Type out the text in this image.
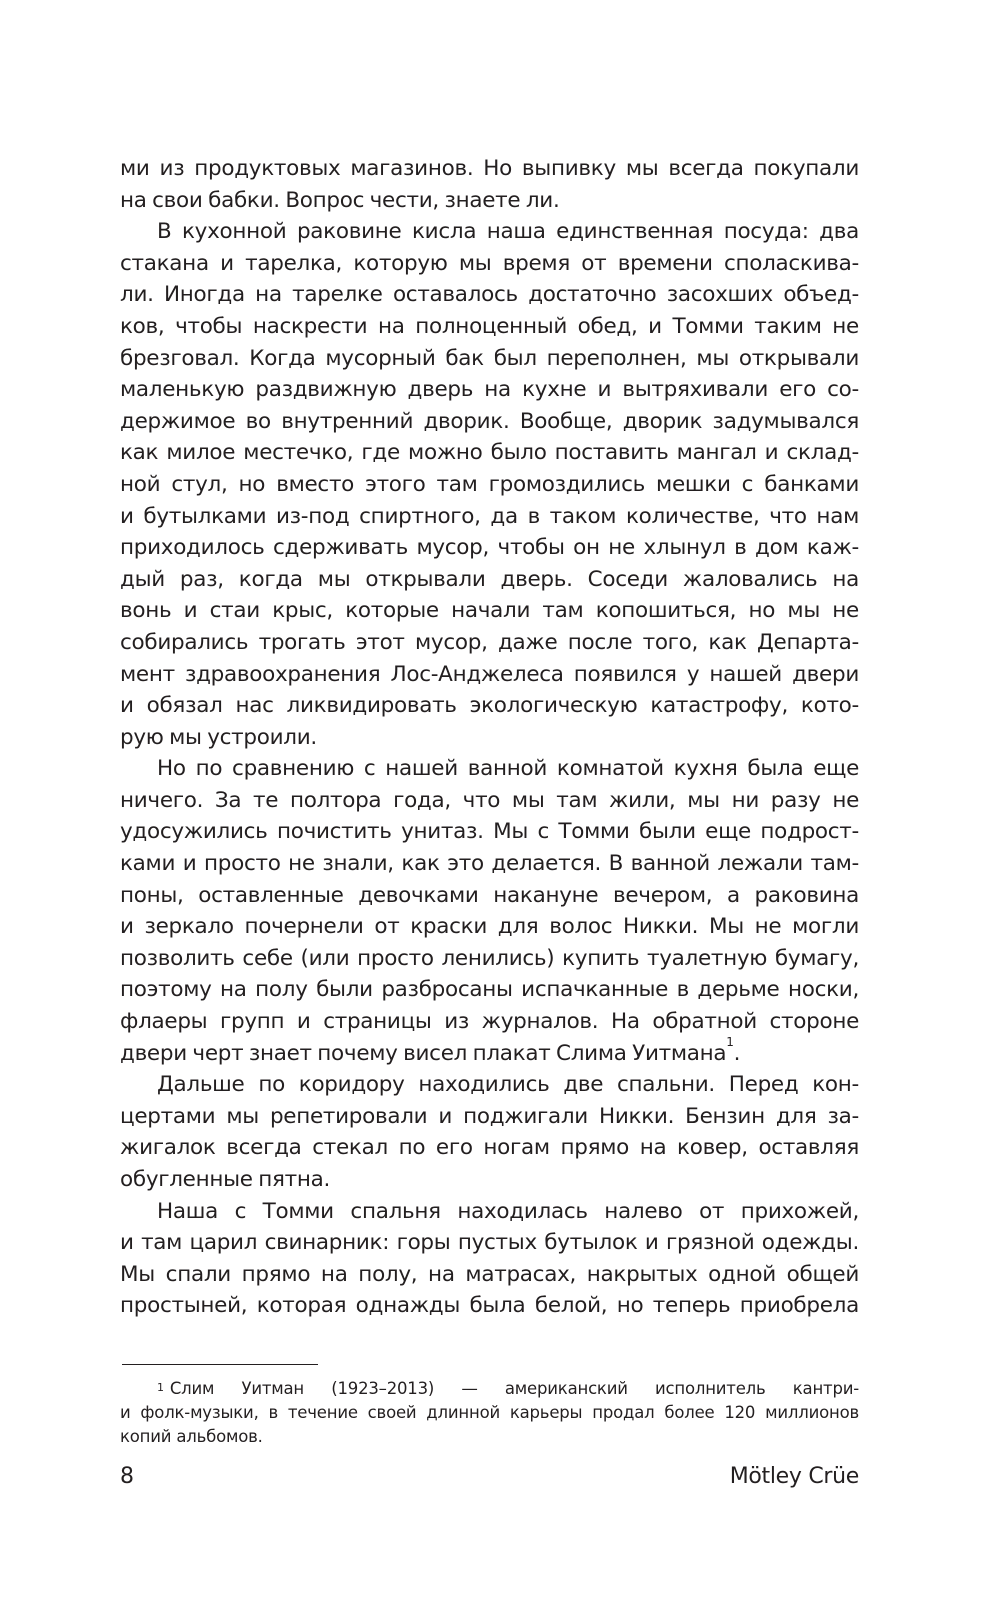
ми из продуктовых магазинов. Но выпивку мы всегда покупали
на свои бабки. Вопрос чести, знаете ли.
В кухонной раковине кисла наша единственная посуда: два
стакана и тарелка, которую мы время от времени споласкива-
ли. Иногда на тарелке оставалось достаточно засохших объед-
ков, чтобы наскрести на полноценный обед, и Томми таким не
брезговал. Когда мусорный бак был переполнен, мы открывали
маленькую раздвижную дверь на кухне и вытряхивали его со-
держимое во внутренний дворик. Вообще, дворик задумывался
как милое местечко, где можно было поставить мангал и склад-
ной стул, но вместо этого там громоздились мешки с банками
и бутылками из-под спиртного, да в таком количестве, что нам
приходилось сдерживать мусор, чтобы он не хлынул в дом каж-
дый раз, когда мы открывали дверь. Соседи жаловались на
вонь и стаи крыс, которые начали там копошиться, но мы не
собирались трогать этот мусор, даже после того, как Департа-
мент здравоохранения Лос-Анджелеса появился у нашей двери
и обязал нас ликвидировать экологическую катастрофу, кото-
рую мы устроили.
Но по сравнению с нашей ванной комнатой кухня была еще
ничего. За те полтора года, что мы там жили, мы ни разу не
удосужились почистить унитаз. Мы с Томми были еще подрост-
ками и просто не знали, как это делается. В ванной лежали там-
поны, оставленные девочками накануне вечером, а раковина
и зеркало почернели от краски для волос Никки. Мы не могли
позволить себе (или просто ленились) купить туалетную бумагу,
поэтому на полу были разбросаны испачканные в дерьме носки,
флаеры групп и страницы из журналов. На обратной стороне
двери черт знает почему висел плакат Слима Уитмана$^1$.
Дальше по коридору находились две спальни. Перед кон-
цертами мы репетировали и поджигали Никки. Бензин для за-
жигалок всегда стекал по его ногам прямо на ковер, оставляя
обугленные пятна.
Наша с Томми спальня находилась налево от прихожей,
и там царил свинарник: горы пустых бутылок и грязной одежды.
Мы спали прямо на полу, на матрасах, накрытых одной общей
простыней, которая однажды была белой, но теперь приобрела
$^1$ Слим Уитман (1923–2013) — американский исполнитель кантри-
и фолк-музыки, в течение своей длинной карьеры продал более 120 миллионов
копий альбомов.
8	Mötley Crüe
